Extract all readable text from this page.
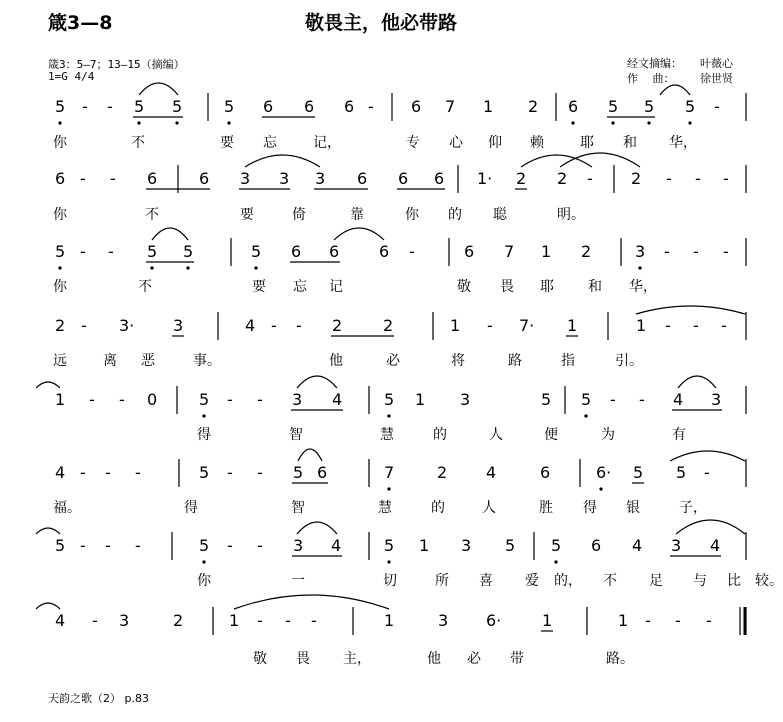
箴3—8	敬畏主，他必带路
箴3：5—7；13—15（摘编）
1=G 4/4
经文摘编： 叶薇心
作　 曲： 徐世贤
天韵之歌（2） p.83
5 - - 5 5	5 6 6 6 - 6 7 1 2 6 5 5 5 -
你	不	要 忘	记，	专 心 仰 赖	耶 和 华，
6 - - 6	6 3 3 3 6 6 6 1· 2 2 - 2 - - -
你	不	要	倚	靠	你 的 聪	明。
5 - - 5 5	5 6 6 6 -	6 7 1 2	3 - - -
你	不	要 忘 记	敬 畏 耶 和 华，
2 - 3· 3	4 - - 2	2	1 - 7· 1	1 - - -
远	离 恶	事。	他	必	将	路	指	引。
1 - - 0	5 - - 3 4	5 1 3	5 5 - - 4 3
得	智	慧	的	人	便	为	有
4 - - -	5 - - 5 6	7	2 4	6	6· 5 5 -
福。	得	智	慧	的	人	胜 得 银	子，
5 - - -	5 - - 3 4	5 1 3 5 5 6 4 3 4
你	一	切	所 喜 爱 的， 不 足 与 比 较。
4 - 3	2	1 - - -	1	3 6·	1	1 - - -
敬 畏 主，	他 必 带	路。
